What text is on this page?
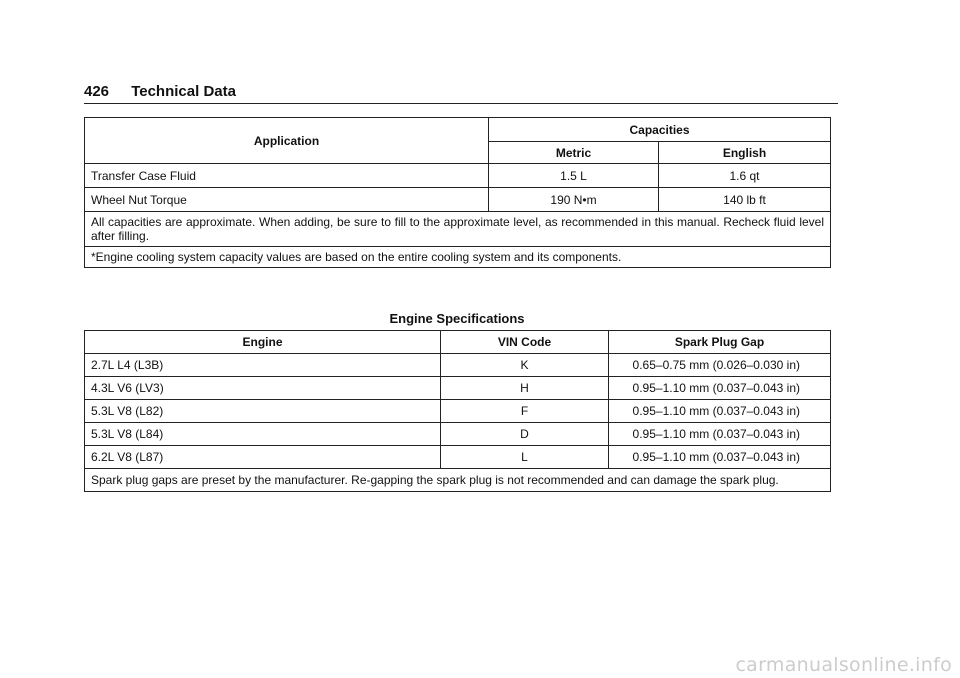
426 Technical Data
Application	Capacities	
	Metric	English
Transfer Case Fluid	1.5 L	1.6 qt
Wheel Nut Torque	190 N•m	140 lb ft
All capacities are approximate. When adding, be sure to fill to the approximate level, as recommended in this manual. Recheck fluid level after filling.		
*Engine cooling system capacity values are based on the entire cooling system and its components.		
Engine Specifications
Engine	VIN Code	Spark Plug Gap
2.7L L4 (L3B)	K	0.65–0.75 mm (0.026–0.030 in)
4.3L V6 (LV3)	H	0.95–1.10 mm (0.037–0.043 in)
5.3L V8 (L82)	F	0.95–1.10 mm (0.037–0.043 in)
5.3L V8 (L84)	D	0.95–1.10 mm (0.037–0.043 in)
6.2L V8 (L87)	L	0.95–1.10 mm (0.037–0.043 in)
Spark plug gaps are preset by the manufacturer. Re-gapping the spark plug is not recommended and can damage the spark plug.		
carmanualsonline.info
